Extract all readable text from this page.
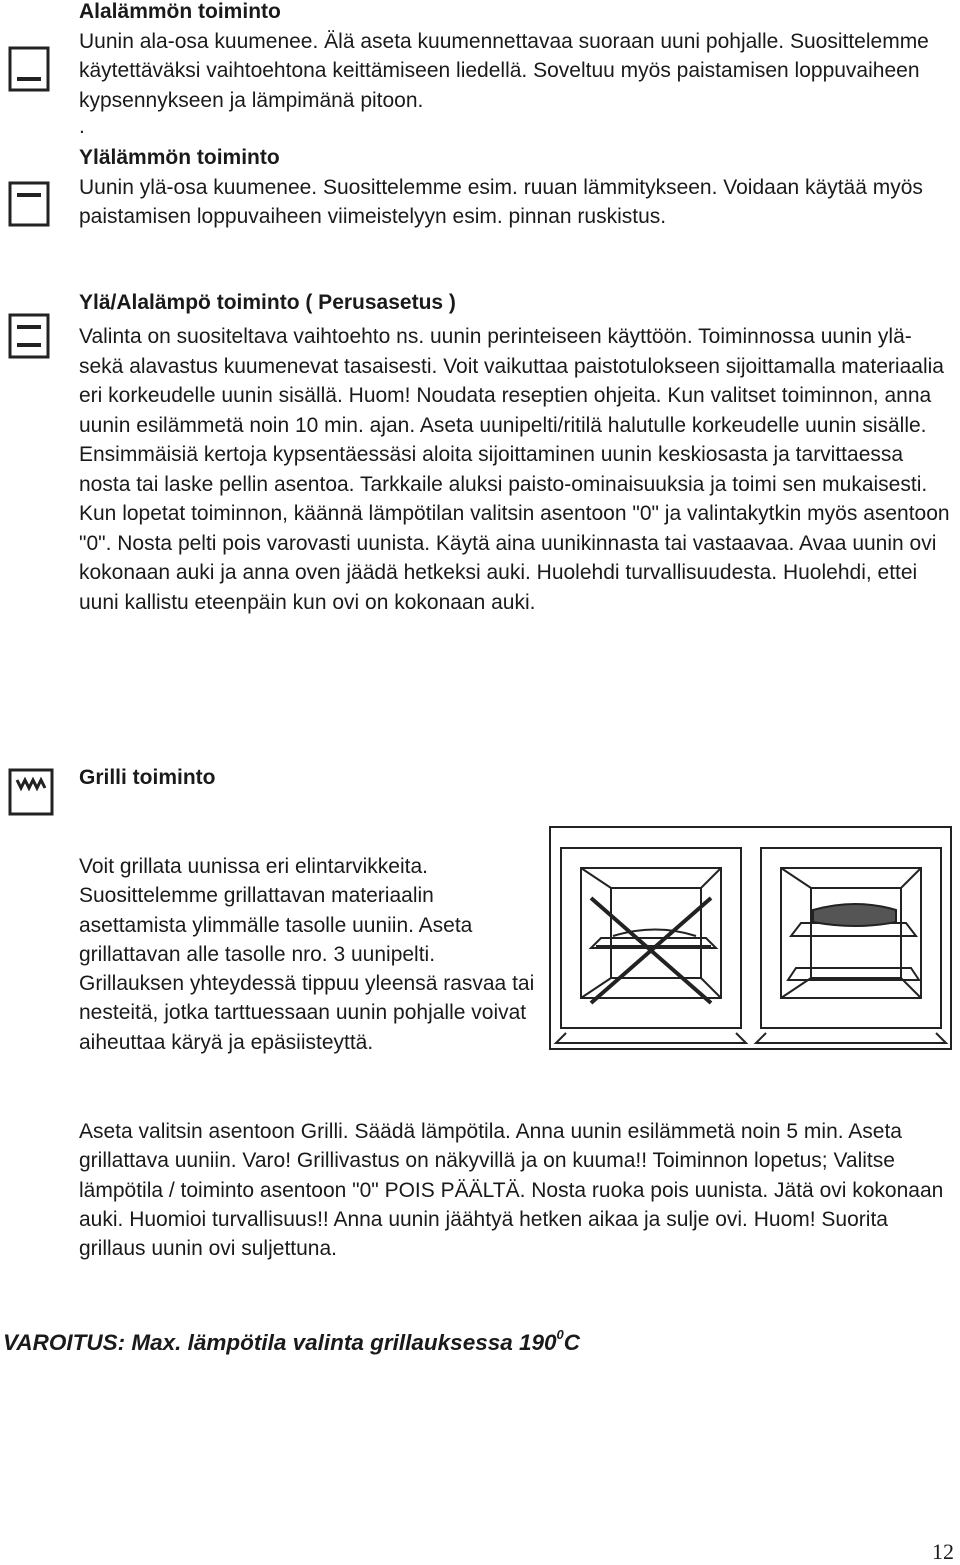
Alalämmön toiminto
Uunin ala-osa kuumenee. Älä aseta kuumennettavaa suoraan uuni pohjalle. Suosittelemme käytettäväksi vaihtoehtona keittämiseen liedellä. Soveltuu myös paistamisen loppuvaiheen kypsennykseen ja lämpimänä pitoon.
.
Ylälämmön toiminto
Uunin ylä-osa kuumenee. Suosittelemme esim. ruuan lämmitykseen. Voidaan käytää myös paistamisen loppuvaiheen viimeistelyyn esim. pinnan ruskistus.
Ylä/Alalämpö toiminto ( Perusasetus )
Valinta on suositeltava vaihtoehto ns. uunin perinteiseen käyttöön. Toiminnossa uunin ylä- sekä alavastus kuumenevat tasaisesti. Voit vaikuttaa paistotulokseen sijoittamalla materiaalia eri korkeudelle uunin sisällä. Huom! Noudata reseptien ohjeita. Kun valitset toiminnon, anna uunin esilämmetä noin 10 min. ajan. Aseta uunipelti/ritilä halutulle korkeudelle uunin sisälle. Ensimmäisiä kertoja kypsentäessäsi aloita sijoittaminen uunin keskiosasta ja tarvittaessa nosta tai laske pellin asentoa. Tarkkaile aluksi paisto-ominaisuuksia ja toimi sen mukaisesti. Kun lopetat toiminnon, käännä lämpötilan valitsin asentoon "0" ja valintakytkin myös asentoon "0". Nosta pelti pois varovasti uunista. Käytä aina uunikinnasta tai vastaavaa. Avaa uunin ovi kokonaan auki ja anna oven jäädä hetkeksi auki. Huolehdi turvallisuudesta. Huolehdi, ettei uuni kallistu eteenpäin kun ovi on kokonaan auki.
Grilli toiminto
Voit grillata uunissa eri elintarvikkeita. Suosittelemme grillattavan materiaalin asettamista ylimmälle tasolle uuniin. Aseta grillattavan alle tasolle nro. 3 uunipelti. Grillauksen yhteydessä tippuu yleensä rasvaa tai nesteitä, jotka tarttuessaan uunin pohjalle voivat aiheuttaa käryä ja epäsiisteyttä.
Aseta valitsin asentoon Grilli. Säädä lämpötila. Anna uunin esilämmetä noin 5 min. Aseta grillattava uuniin. Varo! Grillivastus on näkyvillä ja on kuuma!! Toiminnon lopetus; Valitse lämpötila / toiminto asentoon "0" POIS PÄÄLTÄ. Nosta ruoka pois uunista. Jätä ovi kokonaan auki. Huomioi turvallisuus!! Anna uunin jäähtyä hetken aikaa ja sulje ovi. Huom! Suorita grillaus uunin ovi suljettuna.
VAROITUS: Max. lämpötila valinta grillauksessa $190^0C$
12
